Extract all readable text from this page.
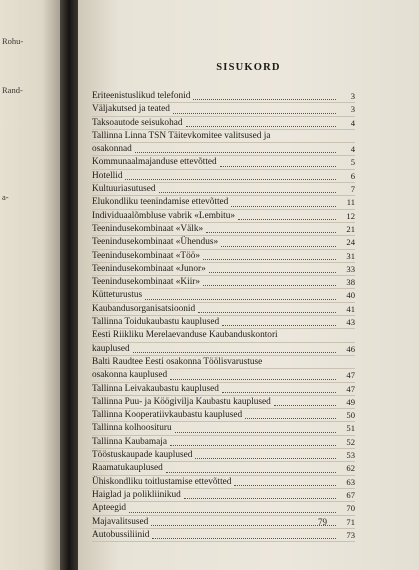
Rohu-
Rand-
a-
SISUKORD
Eriteenistuslikud telefonid	3
Väljakutsed ja teated	3
Taksoautode seisukohad	4
Tallinna Linna TSN Täitevkomitee valitsused ja
osakonnad	4
Kommunaalmajanduse ettevõtted	5
Hotellid	6
Kultuuriasutused	7
Elukondliku teenindamise ettevõtted	11
Individuaalõmbluse vabrik «Lembitu»	12
Teenindusekombinaat «Välk»	21
Teenindusekombinaat «Ühendus»	24
Teenindusekombinaat «Töö»	31
Teenindusekombinaat «Junor»	33
Teenindusekombinaat «Kiir»	38
Kütteturustus	40
Kaubandusorganisatsioonid	41
Tallinna Toidukaubastu kauplused	43
Eesti Riikliku Merelaevanduse Kaubanduskontori
kauplused	46
Balti Raudtee Eesti osakonna Töölisvarustuse
osakonna kauplused	47
Tallinna Leivakaubastu kauplused	47
Tallinna Puu- ja Köögivilja Kaubastu kauplused	49
Tallinna Kooperatiivkaubastu kauplused	50
Tallinna kolhoosituru	51
Tallinna Kaubamaja	52
Tööstuskaupade kauplused	53
Raamatukauplused	62
Ühiskondliku toitlustamise ettevõtted	63
Haiglad ja polikliinikud	67
Apteegid	70
Majavalitsused	71
Autobussiliinid	73
79
